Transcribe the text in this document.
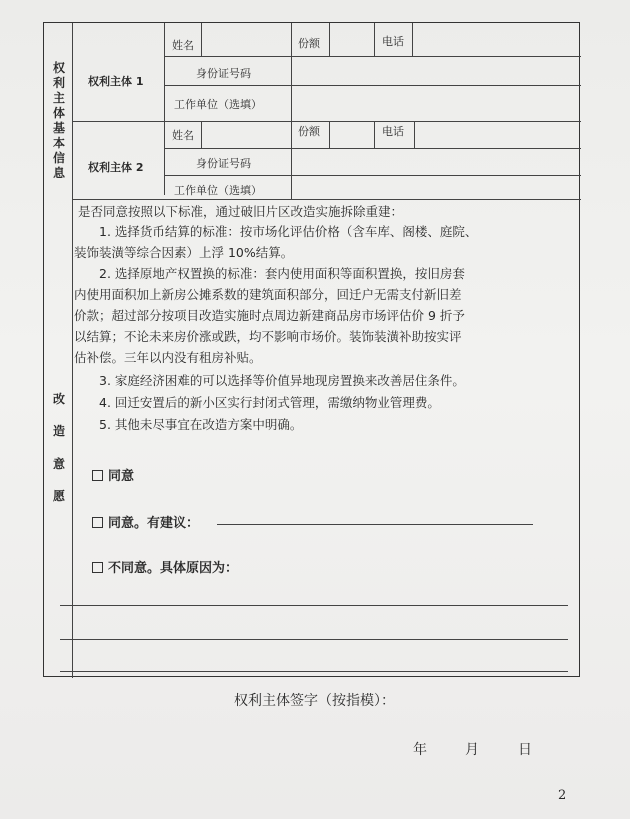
权
利
主
体
基
本
信
息
权利主体 1
姓名	份额	电话
身份证号码
工作单位（选填）
权利主体 2
姓名	份额	电话
身份证号码
工作单位（选填）
改
造
意
愿
是否同意按照以下标准，通过破旧片区改造实施拆除重建：
　　1. 选择货币结算的标准：按市场化评估价格（含车库、阁楼、庭院、
装饰装潢等综合因素）上浮 10%结算。
　　2. 选择原地产权置换的标准：套内使用面积等面积置换，按旧房套
内使用面积加上新房公摊系数的建筑面积部分，回迁户无需支付新旧差
价款；超过部分按项目改造实施时点周边新建商品房市场评估价 9 折予
以结算；不论未来房价涨或跌，均不影响市场价。装饰装潢补助按实评
估补偿。三年以内没有租房补贴。
　　3. 家庭经济困难的可以选择等价值异地现房置换来改善居住条件。
　　4. 回迁安置后的新小区实行封闭式管理，需缴纳物业管理费。
　　5. 其他未尽事宜在改造方案中明确。
同意
同意。有建议：
不同意。具体原因为：
权利主体签字（按指模）：
年	月	日
2
